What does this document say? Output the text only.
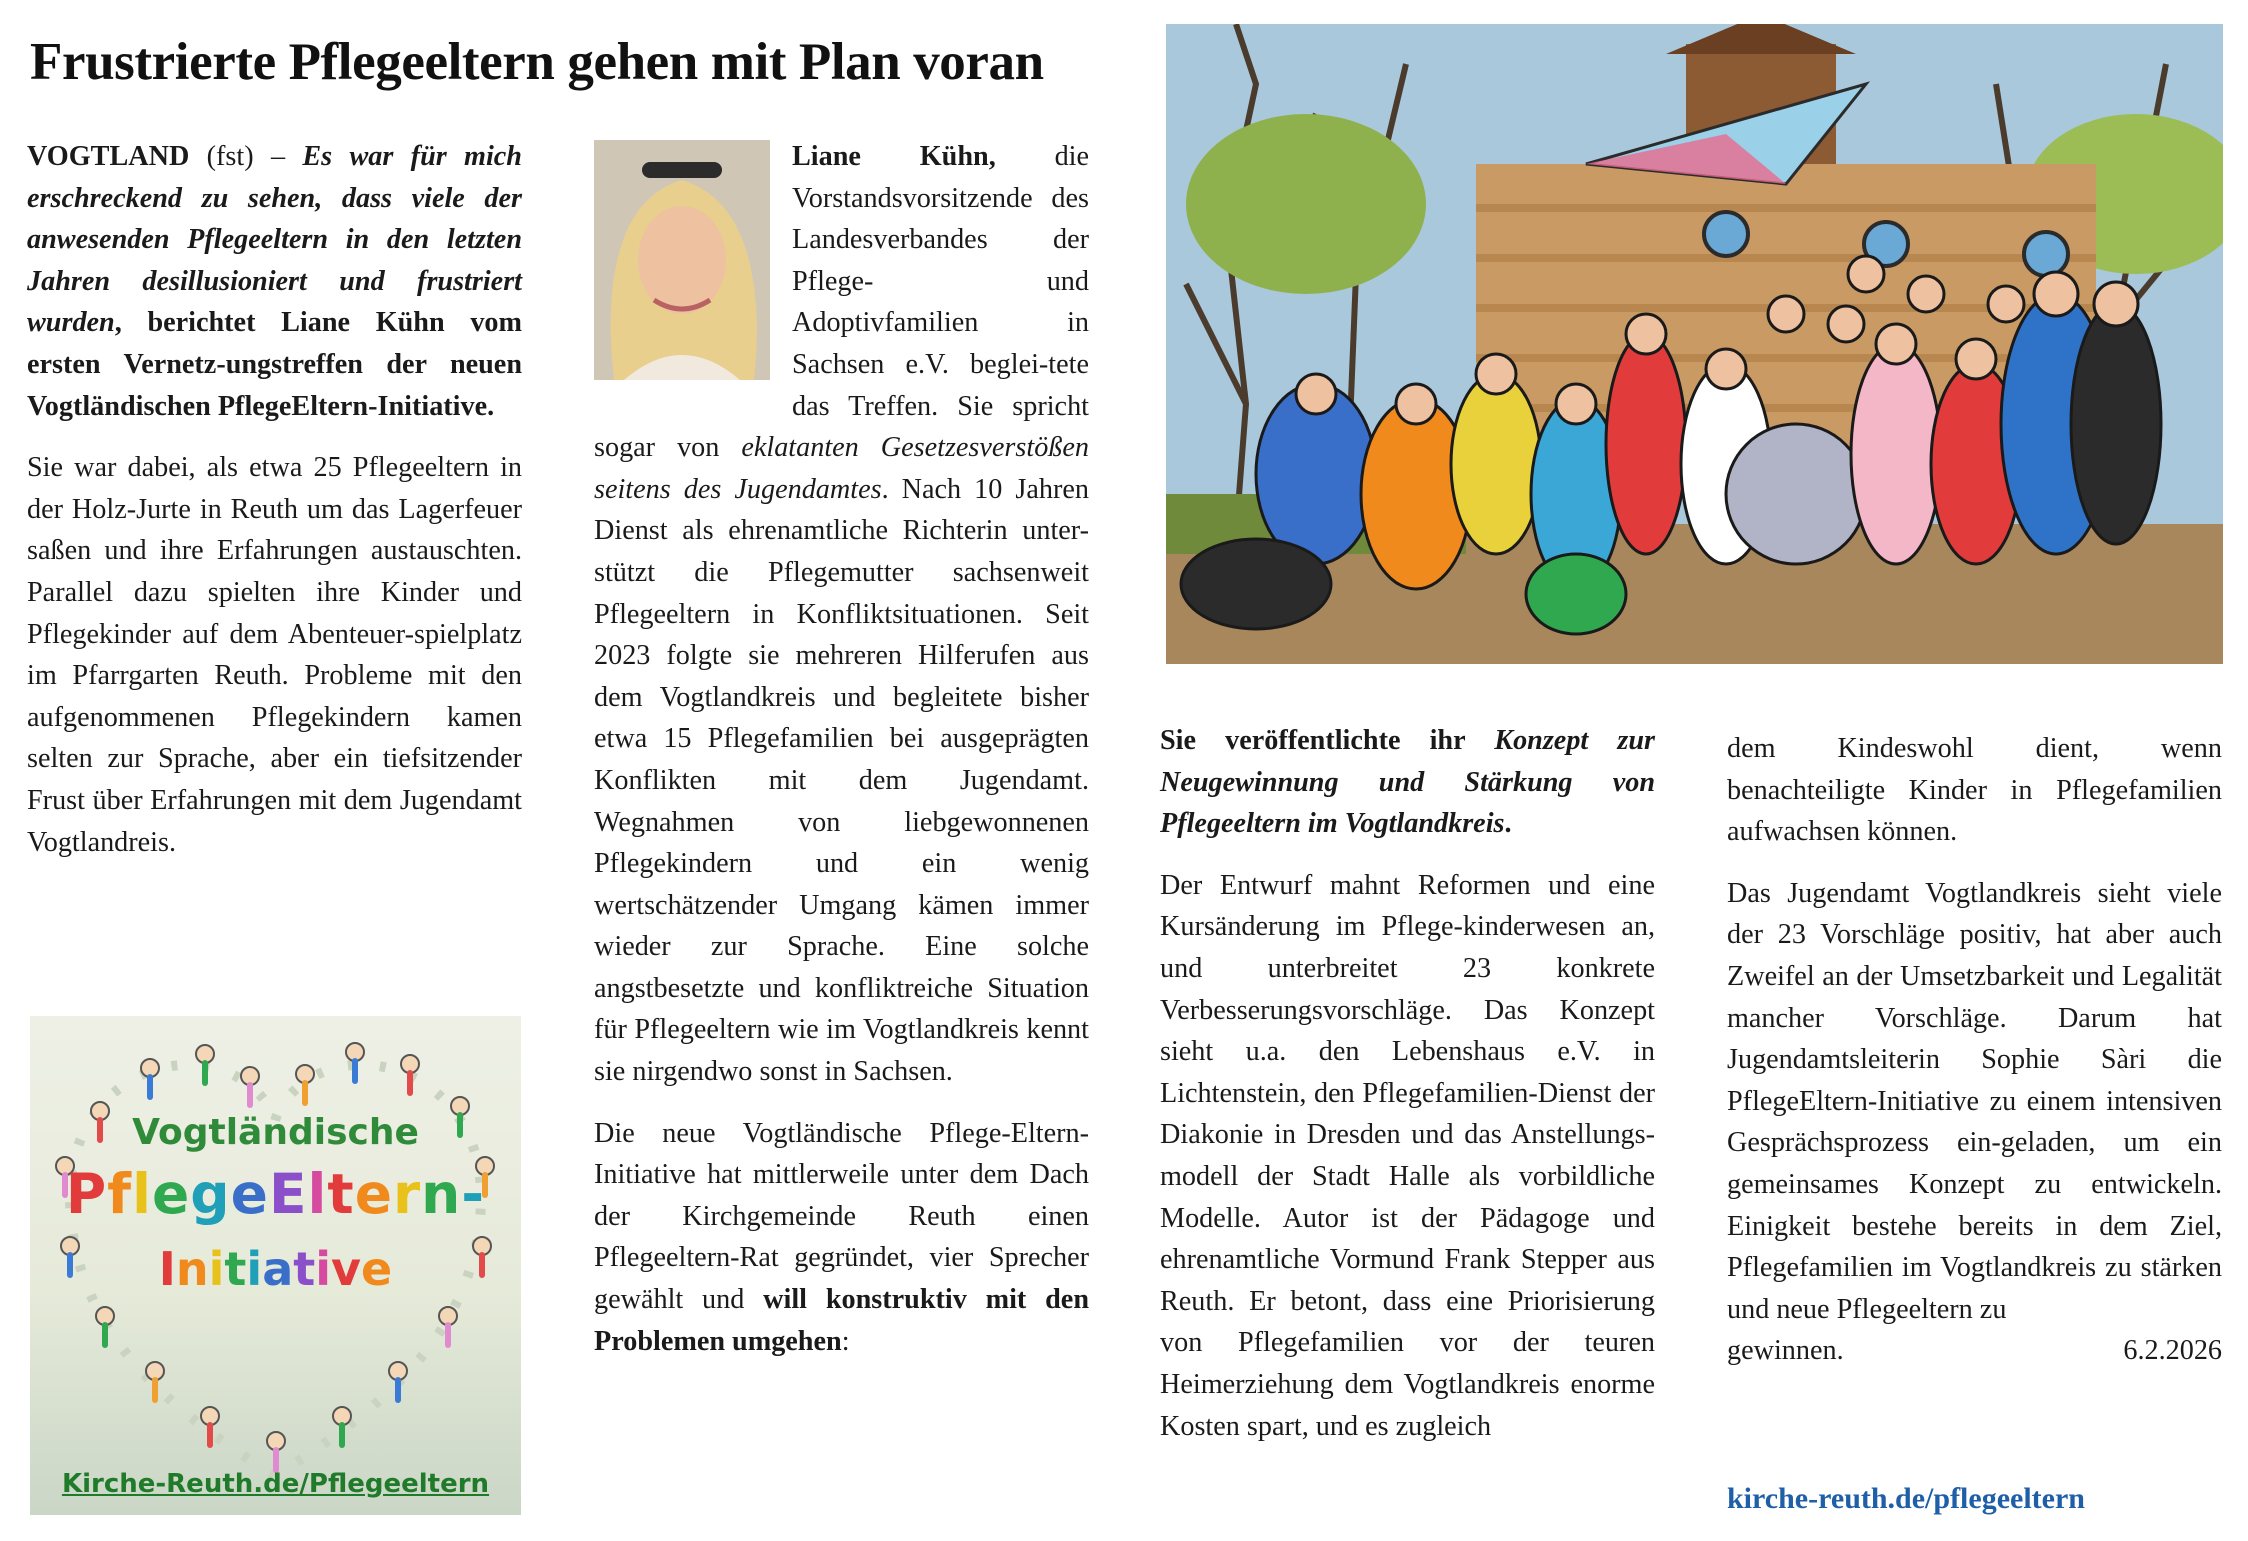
Frustrierte Pflegeeltern gehen mit Plan voran

VOGTLAND (fst) – Es war für mich erschreckend zu sehen, dass viele der anwesenden Pflegeeltern in den letzten Jahren desillusioniert und frustriert wurden, berichtet Liane Kühn vom ersten Vernetz-ungstreffen der neuen Vogtländischen PflegeEltern-Initiative.

Sie war dabei, als etwa 25 Pflegeeltern in der Holz-Jurte in Reuth um das Lagerfeuer saßen und ihre Erfahrungen austauschten. Parallel dazu spielten ihre Kinder und Pflegekinder auf dem Abenteuer-spielplatz im Pfarrgarten Reuth. Probleme mit den aufgenommenen Pflegekindern kamen selten zur Sprache, aber ein tiefsitzender Frust über Erfahrungen mit dem Jugendamt Vogtlandreis.

Vogtländische
PflegeEltern-
Initiative
Kirche-Reuth.de/Pflegeeltern

Liane Kühn, die Vorstandsvorsitzende des Landesverbandes der Pflege- und Adoptivfamilien in Sachsen e.V. beglei-tete das Treffen. Sie spricht sogar von eklatanten Gesetzesverstößen seitens des Jugendamtes. Nach 10 Jahren Dienst als ehrenamtliche Richterin unter-stützt die Pflegemutter sachsenweit Pflegeeltern in Konfliktsituationen. Seit 2023 folgte sie mehreren Hilferufen aus dem Vogtlandkreis und begleitete bisher etwa 15 Pflegefamilien bei ausgeprägten Konflikten mit dem Jugendamt. Wegnahmen von liebgewonnenen Pflegekindern und ein wenig wertschätzender Umgang kämen immer wieder zur Sprache. Eine solche angstbesetzte und konfliktreiche Situation für Pflegeeltern wie im Vogtlandkreis kennt sie nirgendwo sonst in Sachsen.

Die neue Vogtländische Pflege-Eltern-Initiative hat mittlerweile unter dem Dach der Kirchgemeinde Reuth einen Pflegeeltern-Rat gegründet, vier Sprecher gewählt und will konstruktiv mit den Problemen umgehen:

Sie veröffentlichte ihr Konzept zur Neugewinnung und Stärkung von Pflegeeltern im Vogtlandkreis.

Der Entwurf mahnt Reformen und eine Kursänderung im Pflege-kinderwesen an, und unterbreitet 23 konkrete Verbesserungsvorschläge. Das Konzept sieht u.a. den Lebenshaus e.V. in Lichtenstein, den Pflegefamilien-Dienst der Diakonie in Dresden und das Anstellungs-modell der Stadt Halle als vorbildliche Modelle. Autor ist der Pädagoge und ehrenamtliche Vormund Frank Stepper aus Reuth. Er betont, dass eine Priorisierung von Pflegefamilien vor der teuren Heimerziehung dem Vogtlandkreis enorme Kosten spart, und es zugleich

dem Kindeswohl dient, wenn benachteiligte Kinder in Pflegefamilien aufwachsen können.

Das Jugendamt Vogtlandkreis sieht viele der 23 Vorschläge positiv, hat aber auch Zweifel an der Umsetzbarkeit und Legalität mancher Vorschläge. Darum hat Jugendamtsleiterin Sophie Sàri die PflegeEltern-Initiative zu einem intensiven Gesprächsprozess ein-geladen, um ein gemeinsames Konzept zu entwickeln. Einigkeit bestehe bereits in dem Ziel, Pflegefamilien im Vogtlandkreis zu stärken und neue Pflegeeltern zu

gewinnen.	6.2.2026
kirche-reuth.de/pflegeeltern
